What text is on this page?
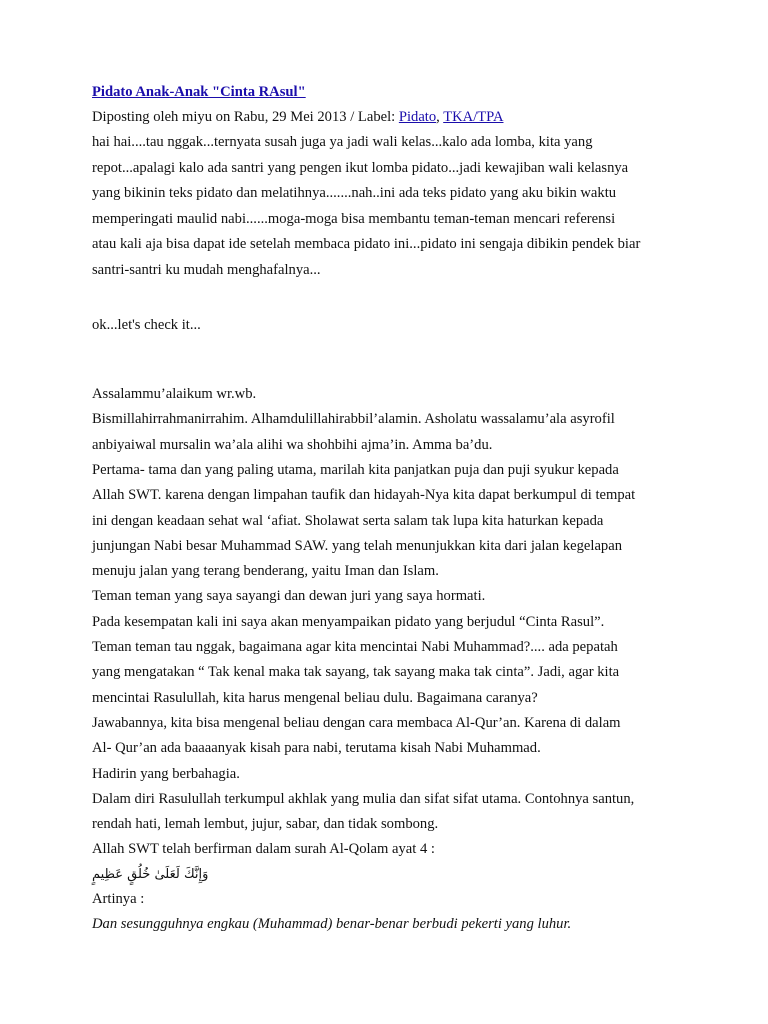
Pidato Anak-Anak "Cinta RAsul"
Diposting oleh miyu on Rabu, 29 Mei 2013 / Label: Pidato, TKA/TPA
hai hai....tau nggak...ternyata susah juga ya jadi wali kelas...kalo ada lomba, kita yang
repot...apalagi kalo ada santri yang pengen ikut lomba pidato...jadi kewajiban wali kelasnya
yang bikinin teks pidato dan melatihnya.......nah..ini ada teks pidato yang aku bikin waktu
memperingati maulid nabi......moga-moga bisa membantu teman-teman mencari referensi
atau kali aja bisa dapat ide setelah membaca pidato ini...pidato ini sengaja dibikin pendek biar
santri-santri ku mudah menghafalnya...
ok...let's check it...
Assalammu’alaikum wr.wb.
Bismillahirrahmanirrahim. Alhamdulillahirabbil’alamin. Asholatu wassalamu’ala asyrofil
anbiyaiwal mursalin wa’ala alihi wa shohbihi ajma’in. Amma ba’du.
Pertama- tama dan yang paling utama, marilah kita panjatkan puja dan puji syukur kepada
Allah SWT. karena dengan limpahan taufik dan hidayah-Nya kita dapat berkumpul di tempat
ini dengan keadaan sehat wal ‘afiat. Sholawat serta salam tak lupa kita haturkan kepada
junjungan Nabi besar Muhammad SAW. yang telah menunjukkan kita dari jalan kegelapan
menuju jalan yang terang benderang, yaitu Iman dan Islam.
Teman teman yang saya sayangi dan dewan juri yang saya hormati.
Pada kesempatan kali ini saya akan menyampaikan pidato yang berjudul “Cinta Rasul”.
Teman teman tau nggak, bagaimana agar kita mencintai Nabi Muhammad?.... ada pepatah
yang mengatakan “ Tak kenal maka tak sayang, tak sayang maka tak cinta”. Jadi, agar kita
mencintai Rasulullah, kita harus mengenal beliau dulu. Bagaimana caranya?
Jawabannya, kita bisa mengenal beliau dengan cara membaca Al-Qur’an. Karena di dalam
Al- Qur’an ada baaaanyak kisah para nabi, terutama kisah Nabi Muhammad.
Hadirin yang berbahagia.
Dalam diri Rasulullah terkumpul akhlak yang mulia dan sifat sifat utama. Contohnya santun,
rendah hati, lemah lembut, jujur, sabar, dan tidak sombong.
Allah SWT telah berfirman dalam surah Al-Qolam ayat 4 :
وَإِنَّكَ لَعَلَىٰ خُلُقٍ عَظِيمٍ
Artinya :
Dan sesungguhnya engkau (Muhammad) benar-benar berbudi pekerti yang luhur.
